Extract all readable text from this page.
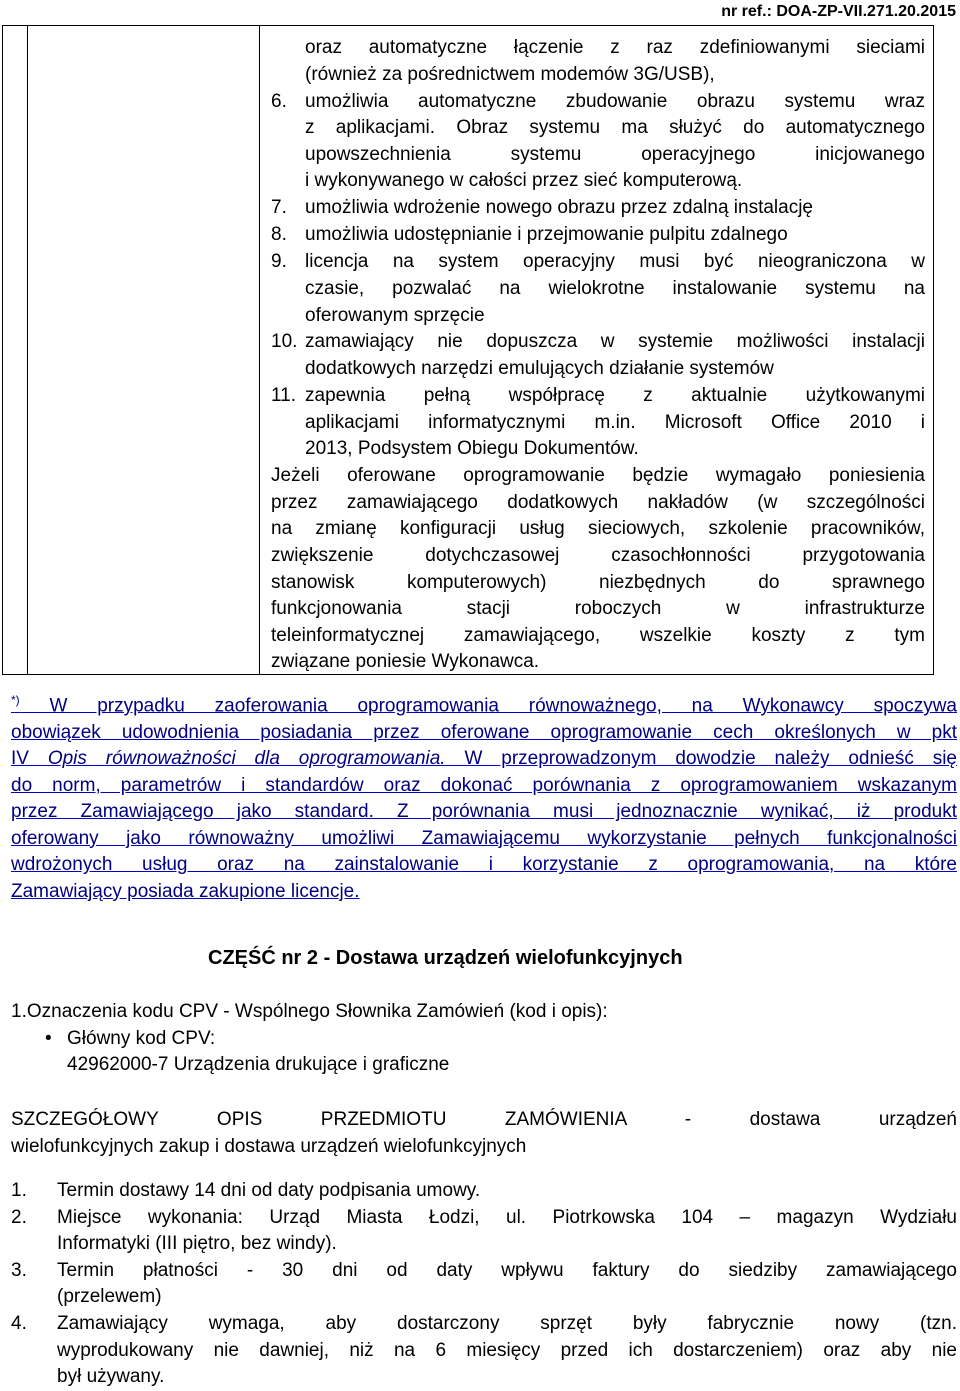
nr ref.: DOA-ZP-VII.271.20.2015
oraz automatyczne łączenie z raz zdefiniowanymi sieciami
(również za pośrednictwem modemów 3G/USB),
6. umożliwia automatyczne zbudowanie obrazu systemu wraz
z aplikacjami. Obraz systemu ma służyć do automatycznego
upowszechnienia systemu operacyjnego inicjowanego
i wykonywanego w całości przez sieć komputerową.
7. umożliwia wdrożenie nowego obrazu przez zdalną instalację
8. umożliwia udostępnianie i przejmowanie pulpitu zdalnego
9. licencja na system operacyjny musi być nieograniczona w
czasie, pozwalać na wielokrotne instalowanie systemu na
oferowanym sprzęcie
10. zamawiający nie dopuszcza w systemie możliwości instalacji
dodatkowych narzędzi emulujących działanie systemów
11. zapewnia pełną współpracę z aktualnie użytkowanymi
aplikacjami informatycznymi m.in. Microsoft Office 2010 i
2013, Podsystem Obiegu Dokumentów.
Jeżeli oferowane oprogramowanie będzie wymagało poniesienia
przez zamawiającego dodatkowych nakładów (w szczególności
na zmianę konfiguracji usług sieciowych, szkolenie pracowników,
zwiększenie dotychczasowej czasochłonności przygotowania
stanowisk komputerowych) niezbędnych do sprawnego
funkcjonowania stacji roboczych w infrastrukturze
teleinformatycznej zamawiającego, wszelkie koszty z tym
związane poniesie Wykonawca.
*) W przypadku zaoferowania oprogramowania równoważnego, na Wykonawcy spoczywa
obowiązek udowodnienia posiadania przez oferowane oprogramowanie cech określonych w pkt
IV Opis równoważności dla oprogramowania. W przeprowadzonym dowodzie należy odnieść się
do norm, parametrów i standardów oraz dokonać porównania z oprogramowaniem wskazanym
przez Zamawiającego jako standard. Z porównania musi jednoznacznie wynikać, iż produkt
oferowany jako równoważny umożliwi Zamawiającemu wykorzystanie pełnych funkcjonalności
wdrożonych usług oraz na zainstalowanie i korzystanie z oprogramowania, na które
Zamawiający posiada zakupione licencje.
CZĘŚĆ nr 2 - Dostawa urządzeń wielofunkcyjnych
1.Oznaczenia kodu CPV - Wspólnego Słownika Zamówień (kod i opis):
• Główny kod CPV:
42962000-7 Urządzenia drukujące i graficzne
SZCZEGÓŁOWY OPIS PRZEDMIOTU ZAMÓWIENIA - dostawa urządzeń
wielofunkcyjnych zakup i dostawa urządzeń wielofunkcyjnych
1.	Termin dostawy 14 dni od daty podpisania umowy.
2.	Miejsce wykonania: Urząd Miasta Łodzi, ul. Piotrkowska 104 – magazyn Wydziału
Informatyki (III piętro, bez windy).
3.	Termin płatności - 30 dni od daty wpływu faktury do siedziby zamawiającego
(przelewem)
4.	Zamawiający wymaga, aby dostarczony sprzęt były fabrycznie nowy (tzn.
wyprodukowany nie dawniej, niż na 6 miesięcy przed ich dostarczeniem) oraz aby nie
był używany.
